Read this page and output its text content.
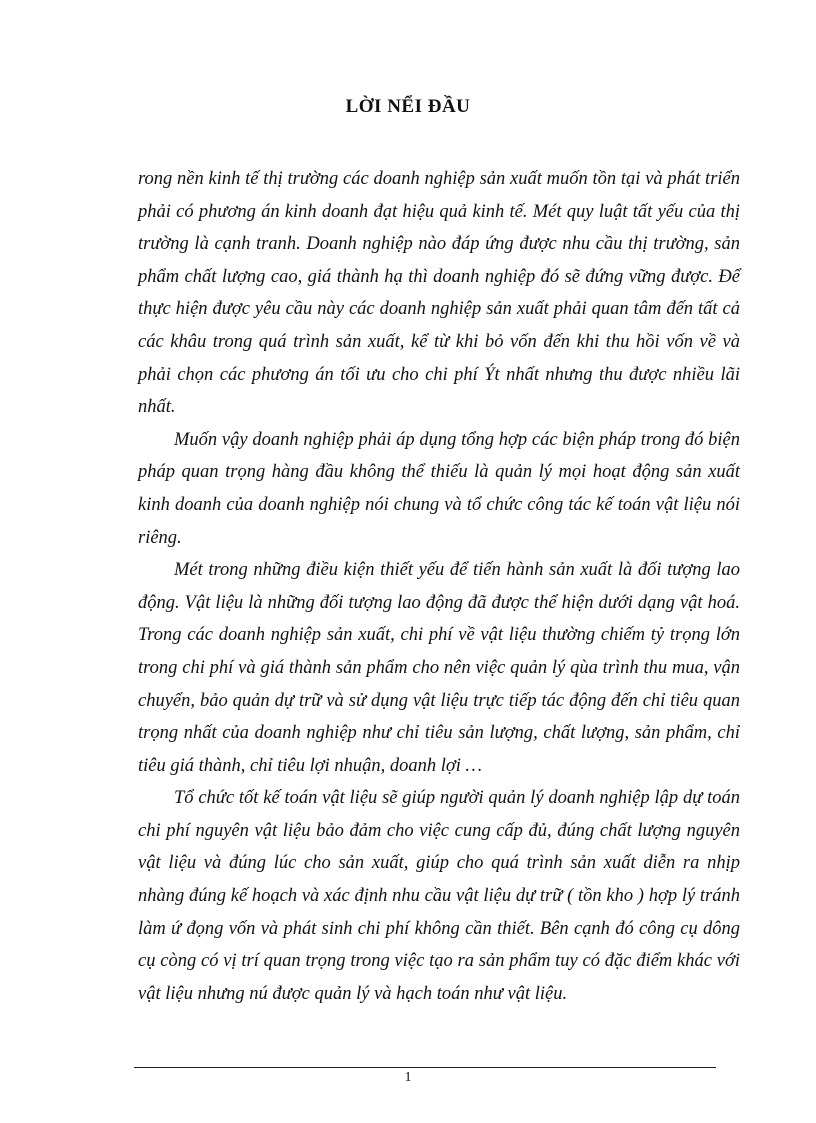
LỜI NỂI ĐẦU

rong nền kinh tế thị trường các doanh nghiệp sản xuất muốn tồn tại và phát triển phải có phương án kinh doanh đạt hiệu quả kinh tế. Mét quy luật tất yếu của thị trường là cạnh tranh. Doanh nghiệp nào đáp ứng được nhu cầu thị trường, sản phẩm chất lượng cao, giá thành hạ thì doanh nghiệp đó sẽ đứng vững được. Để thực hiện được yêu cầu này các doanh nghiệp sản xuất phải quan tâm đến tất cả các khâu trong quá trình sản xuất, kể từ khi bỏ vốn đến khi thu hồi vốn về và phải chọn các phương án tối ưu cho chi phí Ýt nhất nhưng thu được nhiều lãi nhất.

Muốn vậy doanh nghiệp phải áp dụng tổng hợp các biện pháp trong đó biện pháp quan trọng hàng đầu không thể thiếu là quản lý mọi hoạt động sản xuất kinh doanh của doanh nghiệp nói chung và tổ chức công tác kế toán vật liệu nói riêng.

Mét trong những điều kiện thiết yếu để tiến hành sản xuất là đối tượng lao động. Vật liệu là những đối tượng lao động đã được thể hiện dưới dạng vật hoá. Trong các doanh nghiệp sản xuất, chi phí về vật liệu thường chiếm tỷ trọng lớn trong chi phí và giá thành sản phẩm cho nên việc quản lý qùa trình thu mua, vận chuyển, bảo quản dự trữ và sử dụng vật liệu trực tiếp tác động đến chỉ tiêu quan trọng nhất của doanh nghiệp như chỉ tiêu sản lượng, chất lượng, sản phẩm, chỉ tiêu giá thành, chỉ tiêu lợi nhuận, doanh lợi …

Tổ chức tốt kế toán vật liệu sẽ giúp người quản lý doanh nghiệp lập dự toán chi phí nguyên vật liệu bảo đảm cho việc cung cấp đủ, đúng chất lượng nguyên vật liệu và đúng lúc cho sản xuất, giúp cho quá trình sản xuất diễn ra nhịp nhàng đúng kế hoạch và xác định nhu cầu vật liệu dự trữ ( tồn kho ) hợp lý tránh làm ứ đọng vốn và phát sinh chi phí không cần thiết. Bên cạnh đó công cụ dông cụ còng có vị trí quan trọng trong việc tạo ra sản phẩm tuy có đặc điểm khác với vật liệu nhưng nú được quản lý và hạch toán như vật liệu.

1
